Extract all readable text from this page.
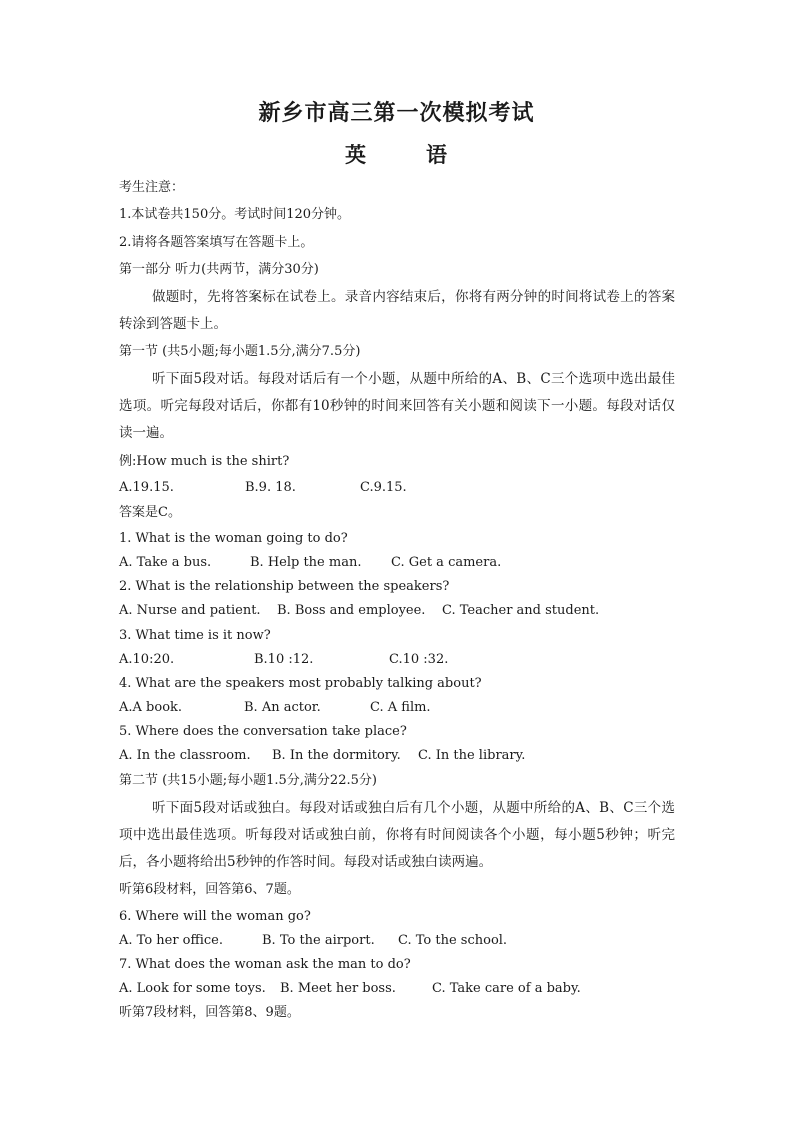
新乡市高三第一次模拟考试
英	语
考生注意：
1.本试卷共150分。考试时间120分钟。
2.请将各题答案填写在答题卡上。
第一部分 听力(共两节，满分30分)
做题时，先将答案标在试卷上。录音内容结束后，你将有两分钟的时间将试卷上的答案转涂到答题卡上。
第一节 (共5小题;每小题1.5分,满分7.5分)
听下面5段对话。每段对话后有一个小题，从题中所给的A、B、C三个选项中选出最佳选项。听完每段对话后，你都有10秒钟的时间来回答有关小题和阅读下一小题。每段对话仅读一遍。
例:How much is the shirt?
A.19.15.	B.9. 18.	C.9.15.
答案是C。
1. What is the woman going to do?
A. Take a bus.	B. Help the man. C. Get a camera.
2. What is the relationship between the speakers?
A. Nurse and patient. B. Boss and employee. C. Teacher and student.
3. What time is it now?
A.10:20.	B.10 :12.	C.10 :32.
4. What are the speakers most probably talking about?
A.A book.	B. An actor.	C. A film.
5. Where does the conversation take place?
A. In the classroom. B. In the dormitory. C. In the library.
第二节 (共15小题;每小题1.5分,满分22.5分)
听下面5段对话或独白。每段对话或独白后有几个小题，从题中所给的A、B、C三个选项中选出最佳选项。听每段对话或独白前，你将有时间阅读各个小题，每小题5秒钟；听完后，各小题将给出5秒钟的作答时间。每段对话或独白读两遍。
听第6段材料，回答第6、7题。
6. Where will the woman go?
A. To her office.	B. To the airport. C. To the school.
7. What does the woman ask the man to do?
A. Look for some toys. B. Meet her boss.	C. Take care of a baby.
听第7段材料，回答第8、9题。
